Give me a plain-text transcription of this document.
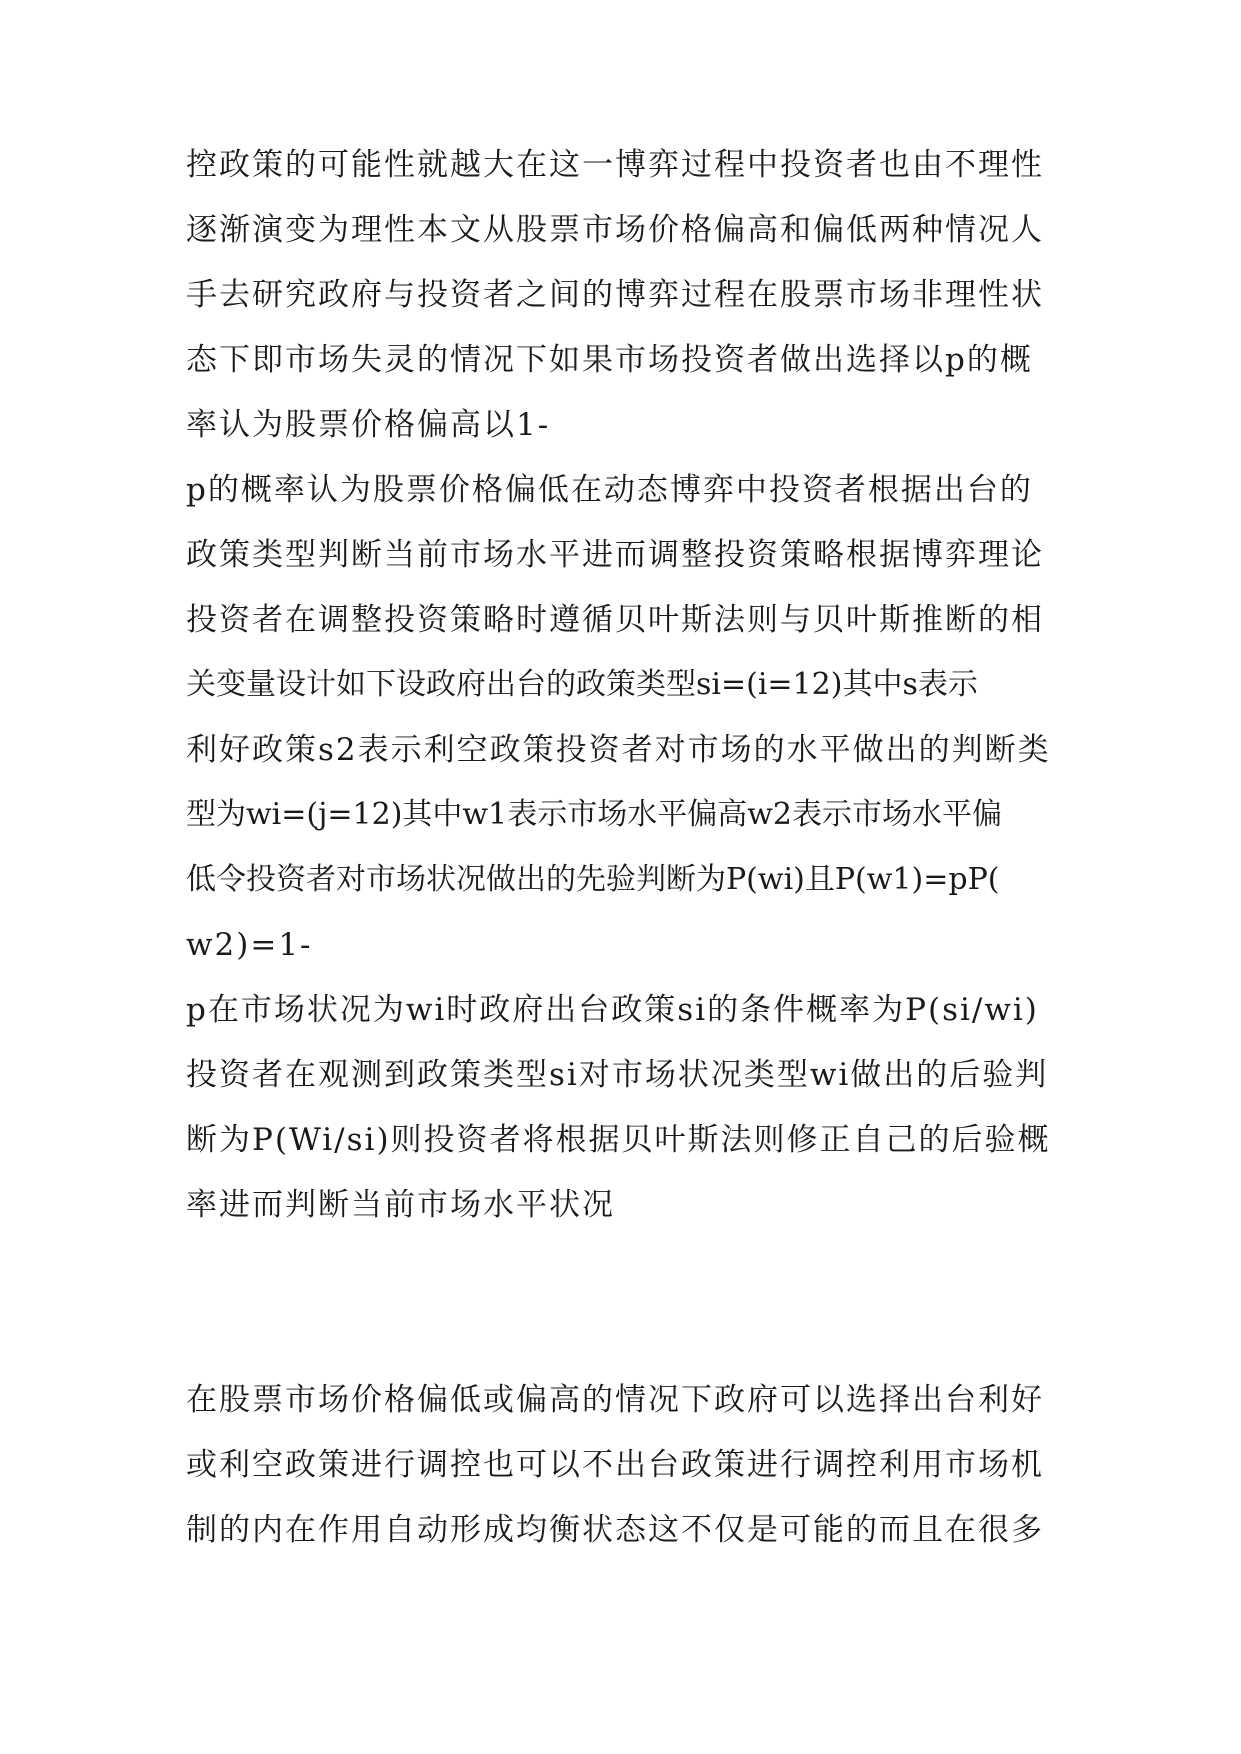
控政策的可能性就越大在这一博弈过程中投资者也由不理性
逐渐演变为理性本文从股票市场价格偏高和偏低两种情况人
手去研究政府与投资者之间的博弈过程在股票市场非理性状
态下即市场失灵的情况下如果市场投资者做出选择以p的概
率认为股票价格偏高以1-
p的概率认为股票价格偏低在动态博弈中投资者根据出台的
政策类型判断当前市场水平进而调整投资策略根据博弈理论
投资者在调整投资策略时遵循贝叶斯法则与贝叶斯推断的相
关变量设计如下设政府出台的政策类型si=(i=12)其中s表示
利好政策s2表示利空政策投资者对市场的水平做出的判断类
型为wi=(j=12)其中w1表示市场水平偏高w2表示市场水平偏
低令投资者对市场状况做出的先验判断为P(wi)且P(w1)=pP(
w2)=1-
p在市场状况为wi时政府出台政策si的条件概率为P(si/wi)
投资者在观测到政策类型si对市场状况类型wi做出的后验判
断为P(Wi/si)则投资者将根据贝叶斯法则修正自己的后验概
率进而判断当前市场水平状况
在股票市场价格偏低或偏高的情况下政府可以选择出台利好
或利空政策进行调控也可以不出台政策进行调控利用市场机
制的内在作用自动形成均衡状态这不仅是可能的而且在很多
